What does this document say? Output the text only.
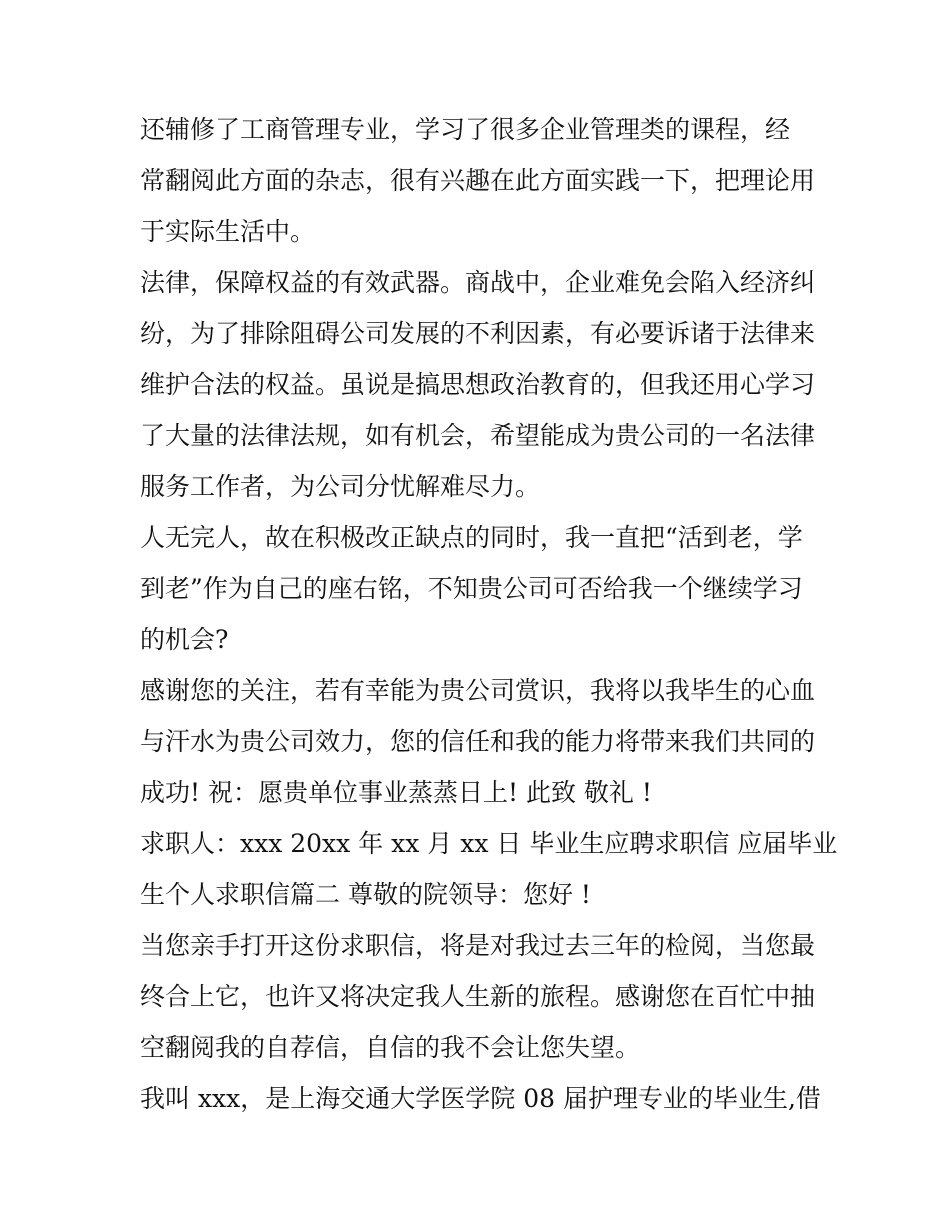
还辅修了工商管理专业，学习了很多企业管理类的课程，经
常翻阅此方面的杂志，很有兴趣在此方面实践一下，把理论用
于实际生活中。
法律，保障权益的有效武器。商战中，企业难免会陷入经济纠
纷，为了排除阻碍公司发展的不利因素，有必要诉诸于法律来
维护合法的权益。虽说是搞思想政治教育的，但我还用心学习
了大量的法律法规，如有机会，希望能成为贵公司的一名法律
服务工作者，为公司分忧解难尽力。
人无完人，故在积极改正缺点的同时，我一直把“活到老，学
到老”作为自己的座右铭，不知贵公司可否给我一个继续学习
的机会?
感谢您的关注，若有幸能为贵公司赏识，我将以我毕生的心血
与汗水为贵公司效力，您的信任和我的能力将带来我们共同的
成功! 祝：愿贵单位事业蒸蒸日上! 此致 敬礼 !
求职人：xxx 20xx 年 xx 月 xx 日 毕业生应聘求职信 应届毕业
生个人求职信篇二 尊敬的院领导：您好 !
当您亲手打开这份求职信，将是对我过去三年的检阅，当您最
终合上它，也许又将决定我人生新的旅程。感谢您在百忙中抽
空翻阅我的自荐信，自信的我不会让您失望。
我叫 xxx，是上海交通大学医学院 08 届护理专业的毕业生,借
